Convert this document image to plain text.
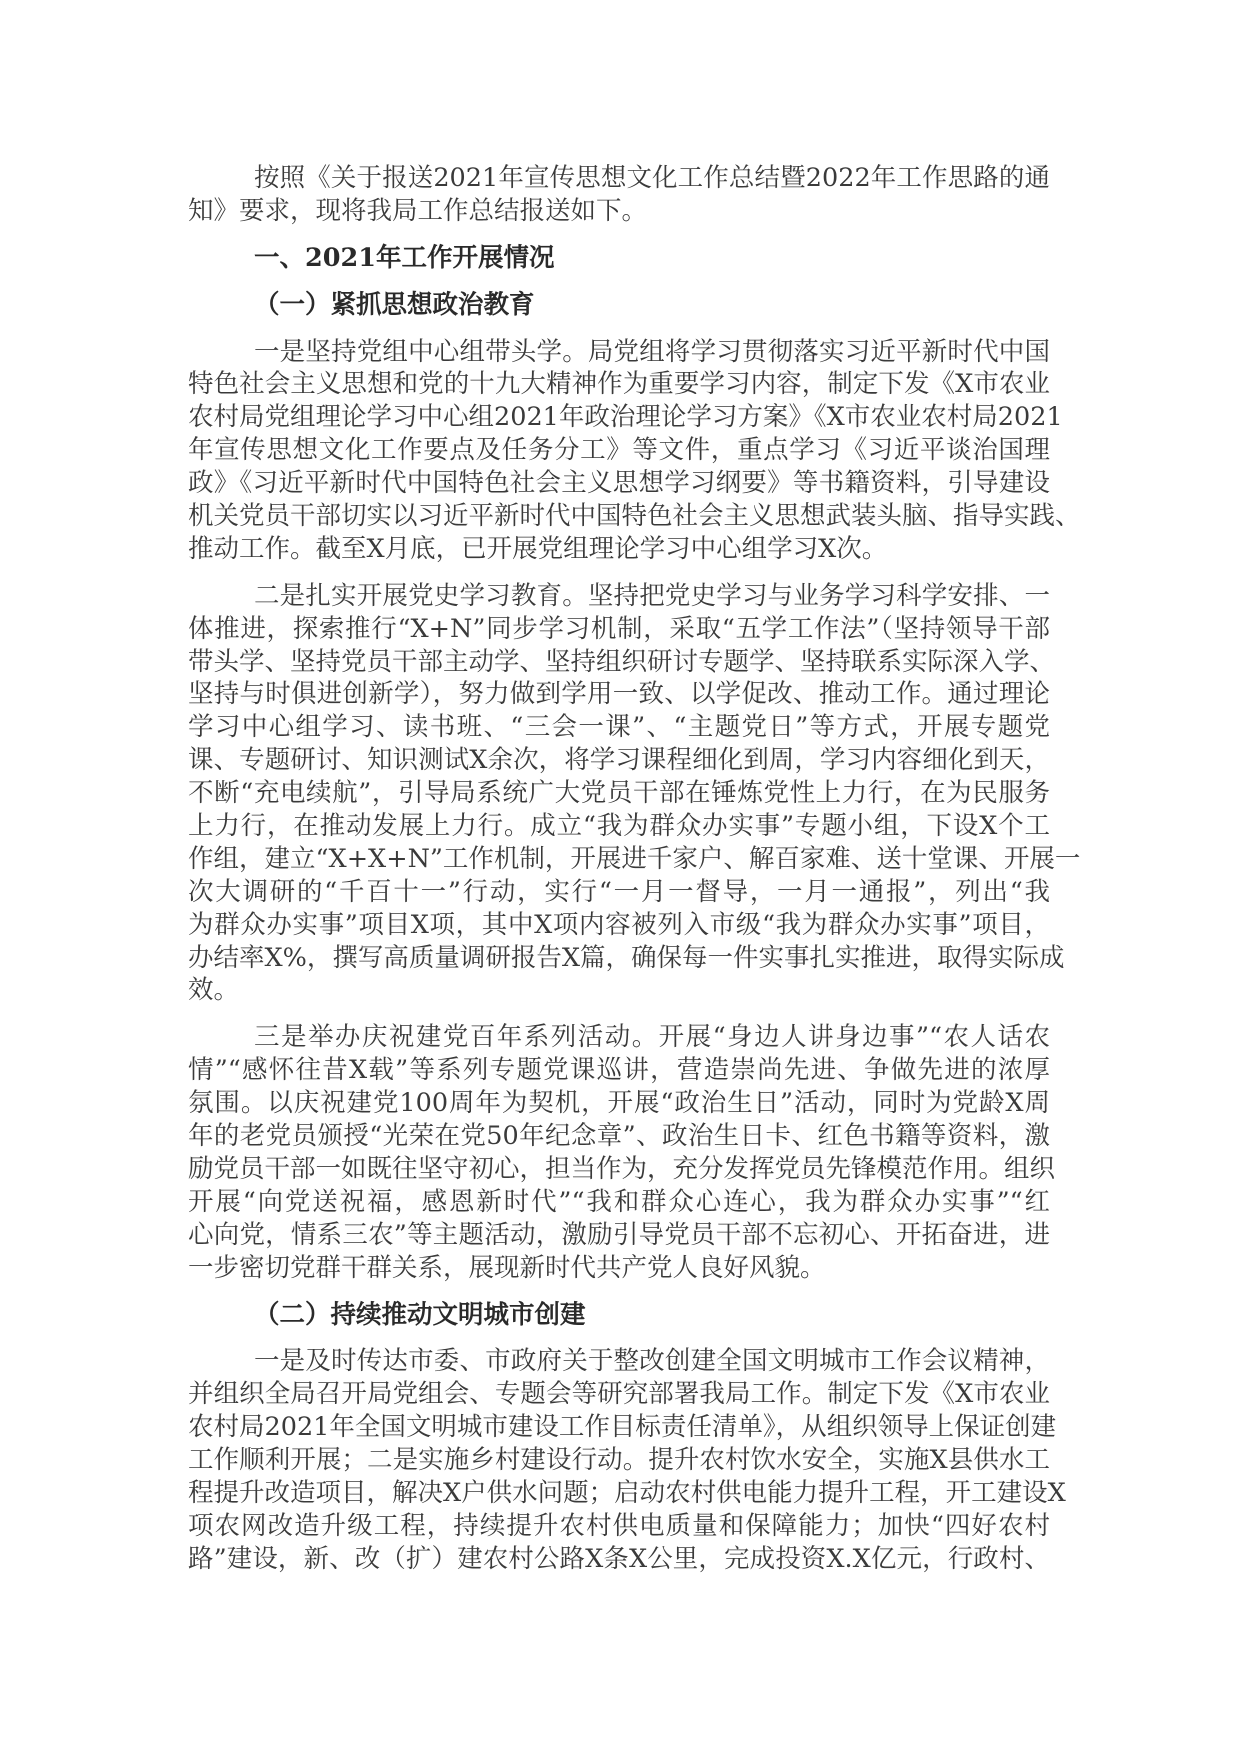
按照《关于报送2021年宣传思想文化工作总结暨2022年工作思路的通
知》要求，现将我局工作总结报送如下。
一、2021年工作开展情况
（一）紧抓思想政治教育
一是坚持党组中心组带头学。局党组将学习贯彻落实习近平新时代中国
特色社会主义思想和党的十九大精神作为重要学习内容，制定下发《X市农业
农村局党组理论学习中心组2021年政治理论学习方案》《X市农业农村局2021
年宣传思想文化工作要点及任务分工》等文件，重点学习《习近平谈治国理
政》《习近平新时代中国特色社会主义思想学习纲要》等书籍资料，引导建设
机关党员干部切实以习近平新时代中国特色社会主义思想武装头脑、指导实践、
推动工作。截至X月底，已开展党组理论学习中心组学习X次。
二是扎实开展党史学习教育。坚持把党史学习与业务学习科学安排、一
体推进，探索推行“X+N”同步学习机制，采取“五学工作法”（坚持领导干部
带头学、坚持党员干部主动学、坚持组织研讨专题学、坚持联系实际深入学、
坚持与时俱进创新学），努力做到学用一致、以学促改、推动工作。通过理论
学习中心组学习、读书班、“三会一课”、“主题党日”等方式，开展专题党
课、专题研讨、知识测试X余次，将学习课程细化到周，学习内容细化到天，
不断“充电续航”，引导局系统广大党员干部在锤炼党性上力行，在为民服务
上力行，在推动发展上力行。成立“我为群众办实事”专题小组，下设X个工
作组，建立“X+X+N”工作机制，开展进千家户、解百家难、送十堂课、开展一
次大调研的“千百十一”行动，实行“一月一督导，一月一通报”，列出“我
为群众办实事”项目X项，其中X项内容被列入市级“我为群众办实事”项目，
办结率X%，撰写高质量调研报告X篇，确保每一件实事扎实推进，取得实际成
效。
三是举办庆祝建党百年系列活动。开展“身边人讲身边事”“农人话农
情”“感怀往昔X载”等系列专题党课巡讲，营造崇尚先进、争做先进的浓厚
氛围。以庆祝建党100周年为契机，开展“政治生日”活动，同时为党龄X周
年的老党员颁授“光荣在党50年纪念章”、政治生日卡、红色书籍等资料，激
励党员干部一如既往坚守初心，担当作为，充分发挥党员先锋模范作用。组织
开展“向党送祝福，感恩新时代”“我和群众心连心，我为群众办实事”“红
心向党，情系三农”等主题活动，激励引导党员干部不忘初心、开拓奋进，进
一步密切党群干群关系，展现新时代共产党人良好风貌。
（二）持续推动文明城市创建
一是及时传达市委、市政府关于整改创建全国文明城市工作会议精神，
并组织全局召开局党组会、专题会等研究部署我局工作。制定下发《X市农业
农村局2021年全国文明城市建设工作目标责任清单》，从组织领导上保证创建
工作顺利开展；二是实施乡村建设行动。提升农村饮水安全，实施X县供水工
程提升改造项目，解决X户供水问题；启动农村供电能力提升工程，开工建设X
项农网改造升级工程，持续提升农村供电质量和保障能力；加快“四好农村
路”建设，新、改（扩）建农村公路X条X公里，完成投资X.X亿元，行政村、
